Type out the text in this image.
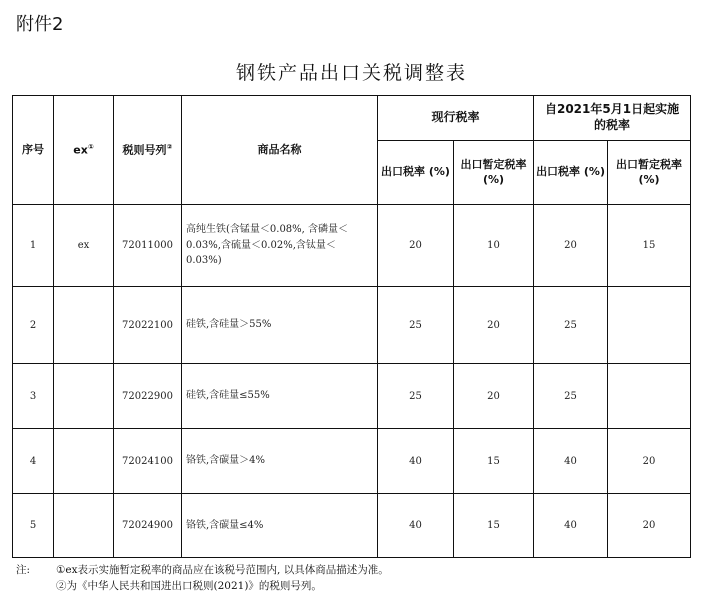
附件2
钢铁产品出口关税调整表
序号	ex①	税则号列②	商品名称	现行税率		自2021年5月1日起实施的税率	
				出口税率 (%)	出口暂定税率 (%)	出口税率 (%)	出口暂定税率 (%)
1	ex	72011000	高纯生铁(含锰量＜0.08%, 含磷量＜0.03%,含硫量＜0.02%,含钛量＜0.03%)	20	10	20	15
2		72022100	硅铁,含硅量＞55%	25	20	25	
3		72022900	硅铁,含硅量≤55%	25	20	25	
4		72024100	铬铁,含碳量＞4%	40	15	40	20
5		72024900	铬铁,含碳量≤4%	40	15	40	20
注: ①ex表示实施暂定税率的商品应在该税号范围内, 以具体商品描述为准。
②为《中华人民共和国进出口税则(2021)》的税则号列。
